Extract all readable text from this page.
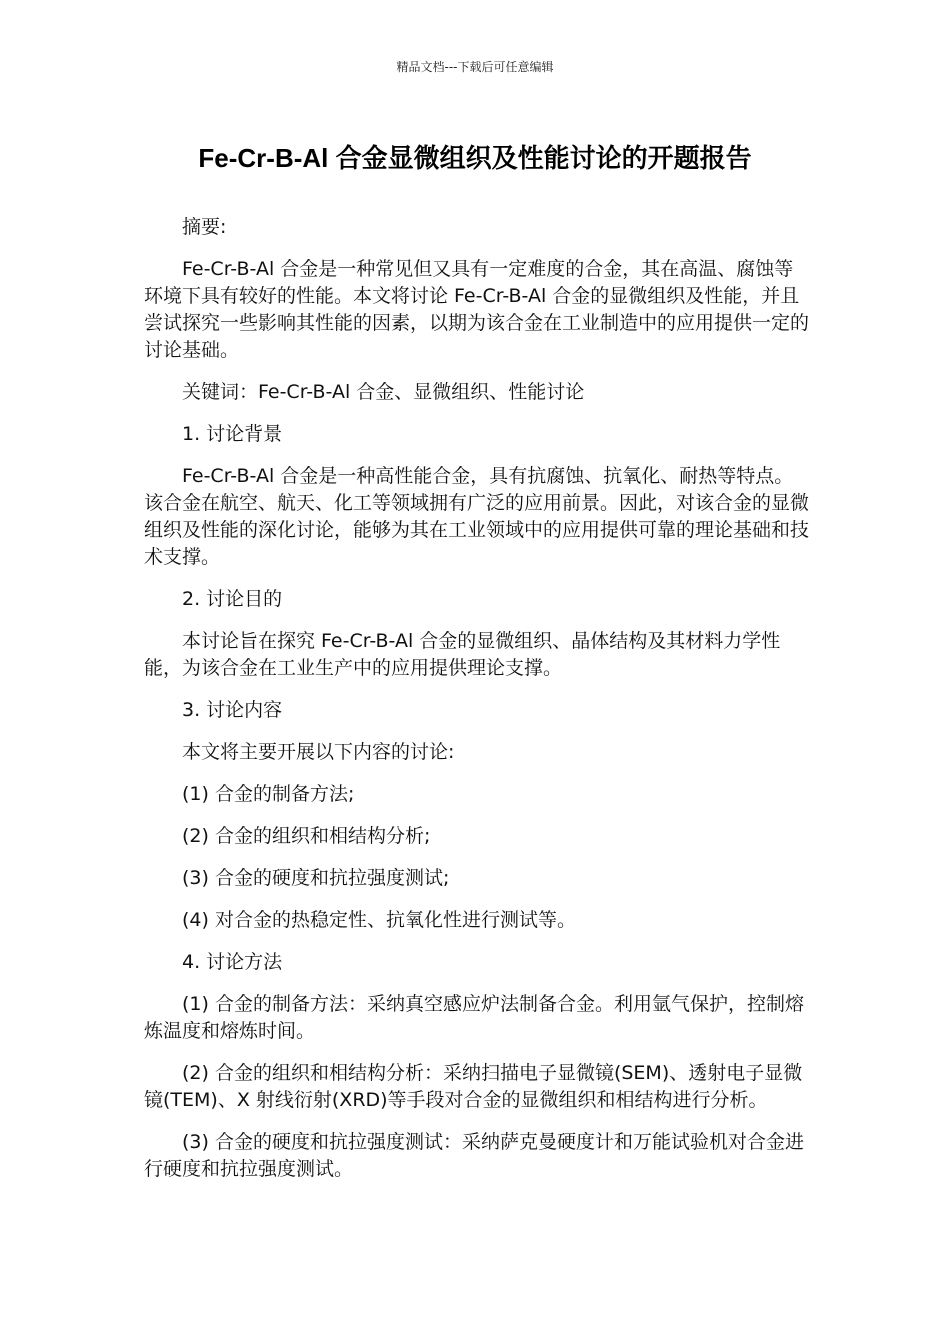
精品文档---下载后可任意编辑
Fe-Cr-B-Al 合金显微组织及性能讨论的开题报告

摘要:

Fe-Cr-B-Al 合金是一种常见但又具有一定难度的合金，其在高温、腐蚀等环境下具有较好的性能。本文将讨论 Fe-Cr-B-Al 合金的显微组织及性能，并且尝试探究一些影响其性能的因素，以期为该合金在工业制造中的应用提供一定的讨论基础。

关键词：Fe-Cr-B-Al 合金、显微组织、性能讨论

1. 讨论背景

Fe-Cr-B-Al 合金是一种高性能合金，具有抗腐蚀、抗氧化、耐热等特点。该合金在航空、航天、化工等领域拥有广泛的应用前景。因此，对该合金的显微组织及性能的深化讨论，能够为其在工业领域中的应用提供可靠的理论基础和技术支撑。

2. 讨论目的

本讨论旨在探究 Fe-Cr-B-Al 合金的显微组织、晶体结构及其材料力学性能，为该合金在工业生产中的应用提供理论支撑。

3. 讨论内容

本文将主要开展以下内容的讨论:

(1) 合金的制备方法;

(2) 合金的组织和相结构分析;

(3) 合金的硬度和抗拉强度测试;

(4) 对合金的热稳定性、抗氧化性进行测试等。

4. 讨论方法

(1) 合金的制备方法：采纳真空感应炉法制备合金。利用氩气保护，控制熔炼温度和熔炼时间。

(2) 合金的组织和相结构分析：采纳扫描电子显微镜(SEM)、透射电子显微镜(TEM)、X 射线衍射(XRD)等手段对合金的显微组织和相结构进行分析。

(3) 合金的硬度和抗拉强度测试：采纳萨克曼硬度计和万能试验机对合金进行硬度和抗拉强度测试。
